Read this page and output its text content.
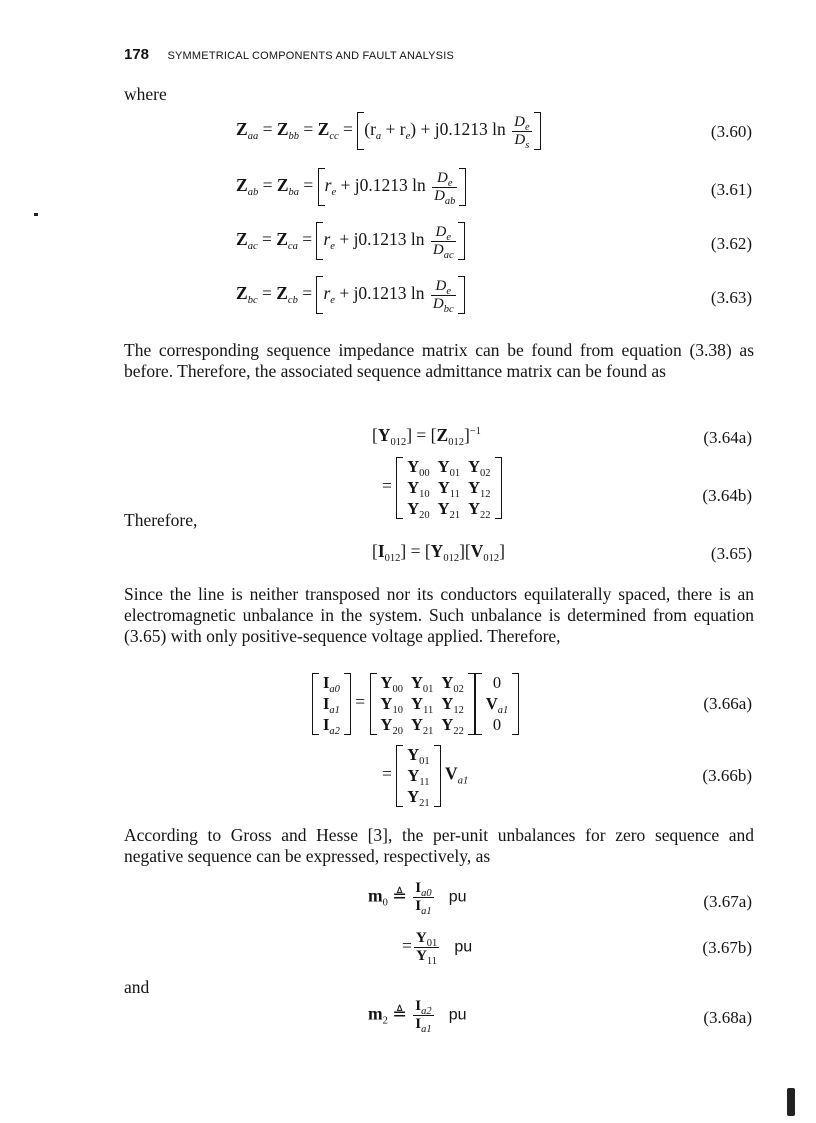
178 SYMMETRICAL COMPONENTS AND FAULT ANALYSIS
where
$Z_{aa} = Z_{bb} = Z_{cc} = (r_a + r_e) + j0.1213$ $\ln \frac{D_e}{D_s}$	(3.60)
$Z_{ab} = Z_{ba} = r_e + j0.1213$ $\ln \frac{D_e}{D_{ab}}$	(3.61)
$Z_{ac} = Z_{ca} = r_e + j0.1213$ $\ln \frac{D_e}{D_{ac}}$	(3.62)
$Z_{bc} = Z_{cb} = r_e + j0.1213$ $\ln \frac{D_e}{D_{bc}}$	(3.63)
The corresponding sequence impedance matrix can be found from equation (3.38) as before. Therefore, the associated sequence admittance matrix can be found as
$[Y_{012}] = [Z_{012}]^{-1}$	(3.64a)
=
$Y_{00}$	$Y_{01}$	$Y_{02}$
$Y_{10}$	$Y_{11}$	$Y_{12}$
$Y_{20}$	$Y_{21}$	$Y_{22}$
(3.64b)
Therefore,
$[I_{012}] = [Y_{012}][V_{012}]$	(3.65)
Since the line is neither transposed nor its conductors equilaterally spaced, there is an electromagnetic unbalance in the system. Such unbalance is determined from equation (3.65) with only positive-sequence voltage applied. Therefore,
$I_{a0}$
$I_{a1}$
$I_{a2}$
=
$Y_{00}$	$Y_{01}$	$Y_{02}$
$Y_{10}$	$Y_{11}$	$Y_{12}$
$Y_{20}$	$Y_{21}$	$Y_{22}$
0
$V_{a1}$
0
(3.66a)
=
$Y_{01}$
$Y_{11}$
$Y_{21}$
$V_{a1}$	(3.66b)
According to Gross and Hesse [3], the per-unit unbalances for zero sequence and negative sequence can be expressed, respectively, as
$m_0$ ≜ $\frac{I_{a0}}{I_{a1}}$ pu	(3.67a)
= $\frac{Y_{01}}{Y_{11}}$ pu	(3.67b)
and
$m_2$ ≜ $\frac{I_{a2}}{I_{a1}}$ pu	(3.68a)
